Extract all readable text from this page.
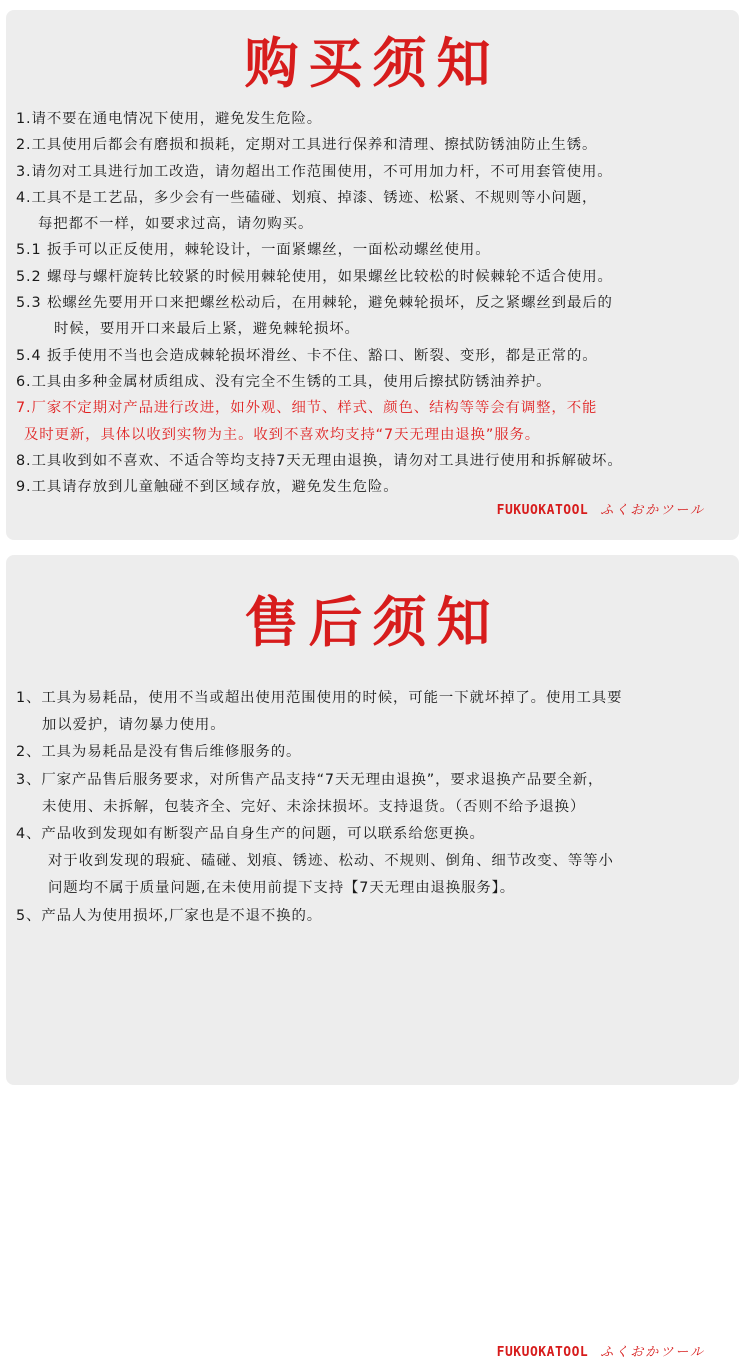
购买须知
1.请不要在通电情况下使用，避免发生危险。
2.工具使用后都会有磨损和损耗，定期对工具进行保养和清理、擦拭防锈油防止生锈。
3.请勿对工具进行加工改造，请勿超出工作范围使用，不可用加力杆，不可用套管使用。
4.工具不是工艺品，多少会有一些磕碰、划痕、掉漆、锈迹、松紧、不规则等小问题，
每把都不一样，如要求过高，请勿购买。
5.1 扳手可以正反使用，棘轮设计，一面紧螺丝，一面松动螺丝使用。
5.2 螺母与螺杆旋转比较紧的时候用棘轮使用，如果螺丝比较松的时候棘轮不适合使用。
5.3 松螺丝先要用开口来把螺丝松动后，在用棘轮，避免棘轮损坏，反之紧螺丝到最后的
时候，要用开口来最后上紧，避免棘轮损坏。
5.4 扳手使用不当也会造成棘轮损坏滑丝、卡不住、豁口、断裂、变形，都是正常的。
6.工具由多种金属材质组成、没有完全不生锈的工具，使用后擦拭防锈油养护。
7.厂家不定期对产品进行改进，如外观、细节、样式、颜色、结构等等会有调整，不能
及时更新，具体以收到实物为主。收到不喜欢均支持“7天无理由退换”服务。
8.工具收到如不喜欢、不适合等均支持7天无理由退换，请勿对工具进行使用和拆解破坏。
9.工具请存放到儿童触碰不到区域存放，避免发生危险。
FUKUOKATOOL ふくおかツール
售后须知
1、工具为易耗品，使用不当或超出使用范围使用的时候，可能一下就坏掉了。使用工具要
加以爱护，请勿暴力使用。
2、工具为易耗品是没有售后维修服务的。
3、厂家产品售后服务要求，对所售产品支持“7天无理由退换”，要求退换产品要全新，
未使用、未拆解，包装齐全、完好、未涂抹损坏。支持退货。（否则不给予退换）
4、产品收到发现如有断裂产品自身生产的问题，可以联系给您更换。
对于收到发现的瑕疵、磕碰、划痕、锈迹、松动、不规则、倒角、细节改变、等等小
问题均不属于质量问题,在未使用前提下支持【7天无理由退换服务】。
5、产品人为使用损坏,厂家也是不退不换的。
FUKUOKATOOL ふくおかツール
